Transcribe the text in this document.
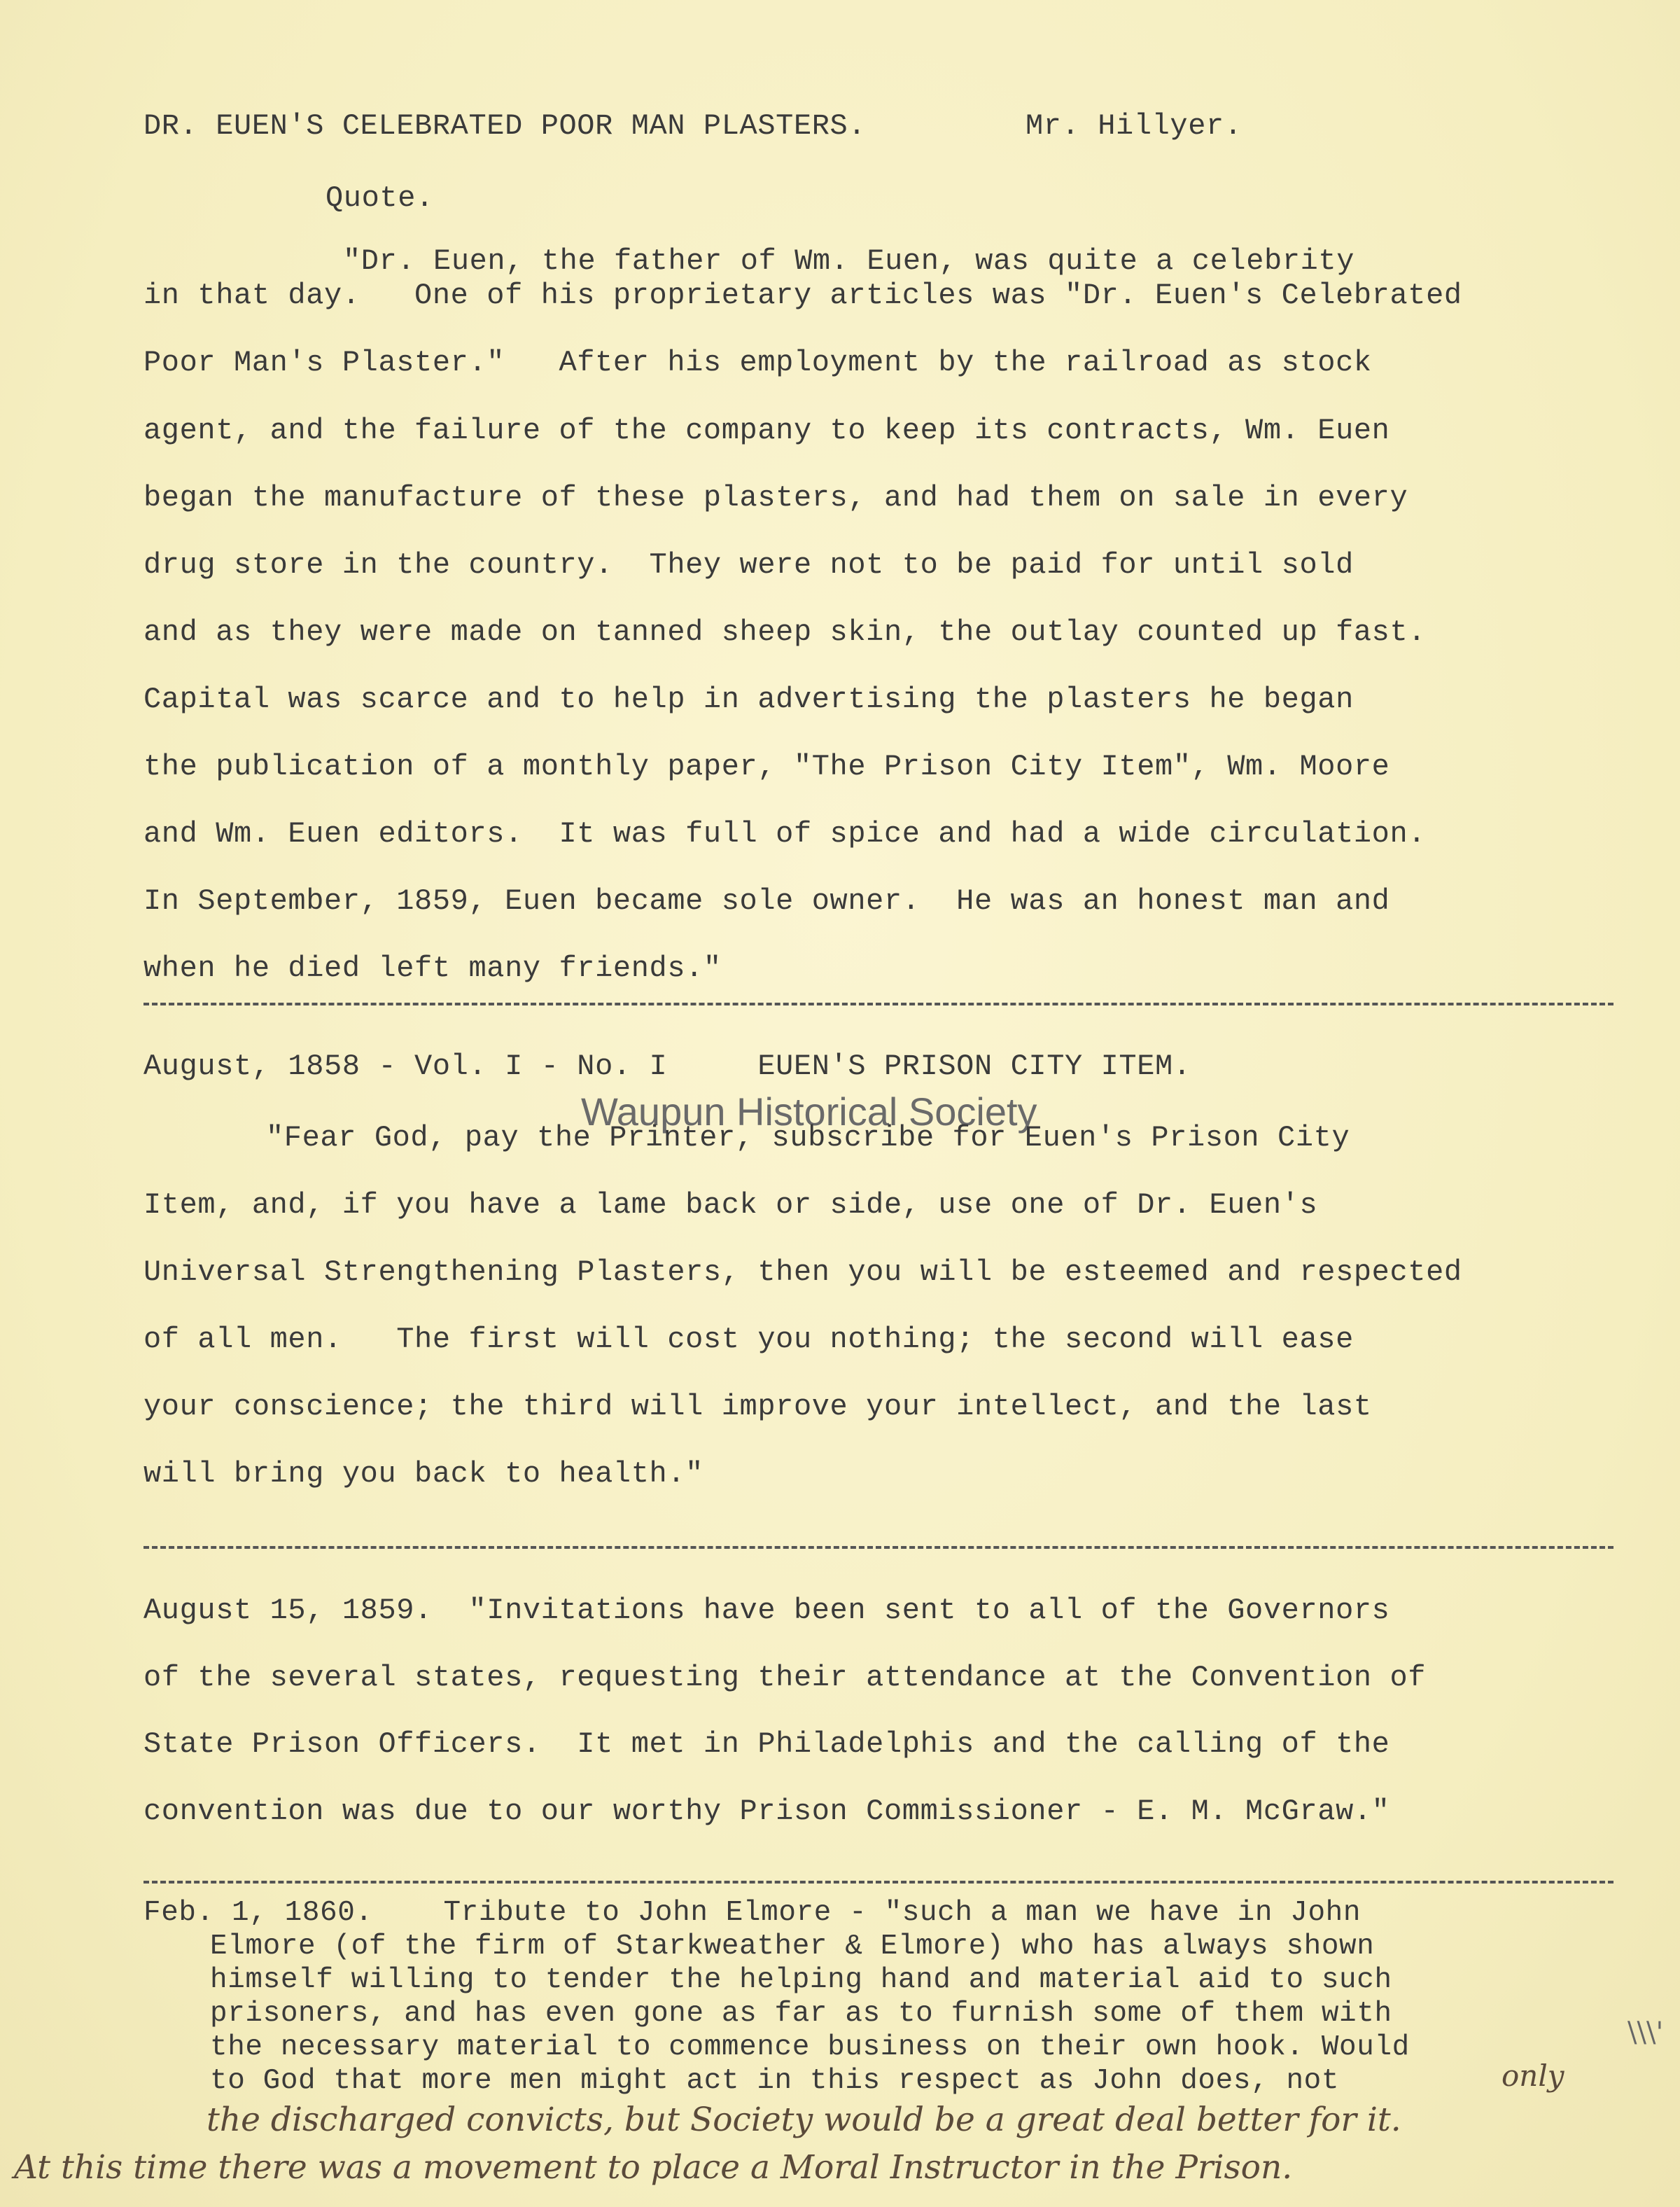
DR. EUEN'S CELEBRATED POOR MAN PLASTERS.	Mr. Hillyer.
Quote.
"Dr. Euen, the father of Wm. Euen, was quite a celebrity
in that day.   One of his proprietary articles was "Dr. Euen's Celebrated
Poor Man's Plaster."   After his employment by the railroad as stock
agent, and the failure of the company to keep its contracts, Wm. Euen
began the manufacture of these plasters, and had them on sale in every
drug store in the country.  They were not to be paid for until sold
and as they were made on tanned sheep skin, the outlay counted up fast.
Capital was scarce and to help in advertising the plasters he began
the publication of a monthly paper, "The Prison City Item", Wm. Moore
and Wm. Euen editors.  It was full of spice and had a wide circulation.
In September, 1859, Euen became sole owner.  He was an honest man and
when he died left many friends."
August, 1858 - Vol. I - No. I     EUEN'S PRISON CITY ITEM.
Waupun Historical Society
"Fear God, pay the Printer, subscribe for Euen's Prison City
Item, and, if you have a lame back or side, use one of Dr. Euen's
Universal Strengthening Plasters, then you will be esteemed and respected
of all men.   The first will cost you nothing; the second will ease
your conscience; the third will improve your intellect, and the last
will bring you back to health."
August 15, 1859.  "Invitations have been sent to all of the Governors
of the several states, requesting their attendance at the Convention of
State Prison Officers.  It met in Philadelphis and the calling of the
convention was due to our worthy Prison Commissioner - E. M. McGraw."
Feb. 1, 1860.    Tribute to John Elmore - "such a man we have in John
Elmore (of the firm of Starkweather & Elmore) who has always shown
himself willing to tender the helping hand and material aid to such
prisoners, and has even gone as far as to furnish some of them with
the necessary material to commence business on their own hook. Would
to God that more men might act in this respect as John does, not	only
the discharged convicts, but Society would be a great deal better for it.
At this time there was a movement to place a Moral Instructor in the Prison.
\\\'
